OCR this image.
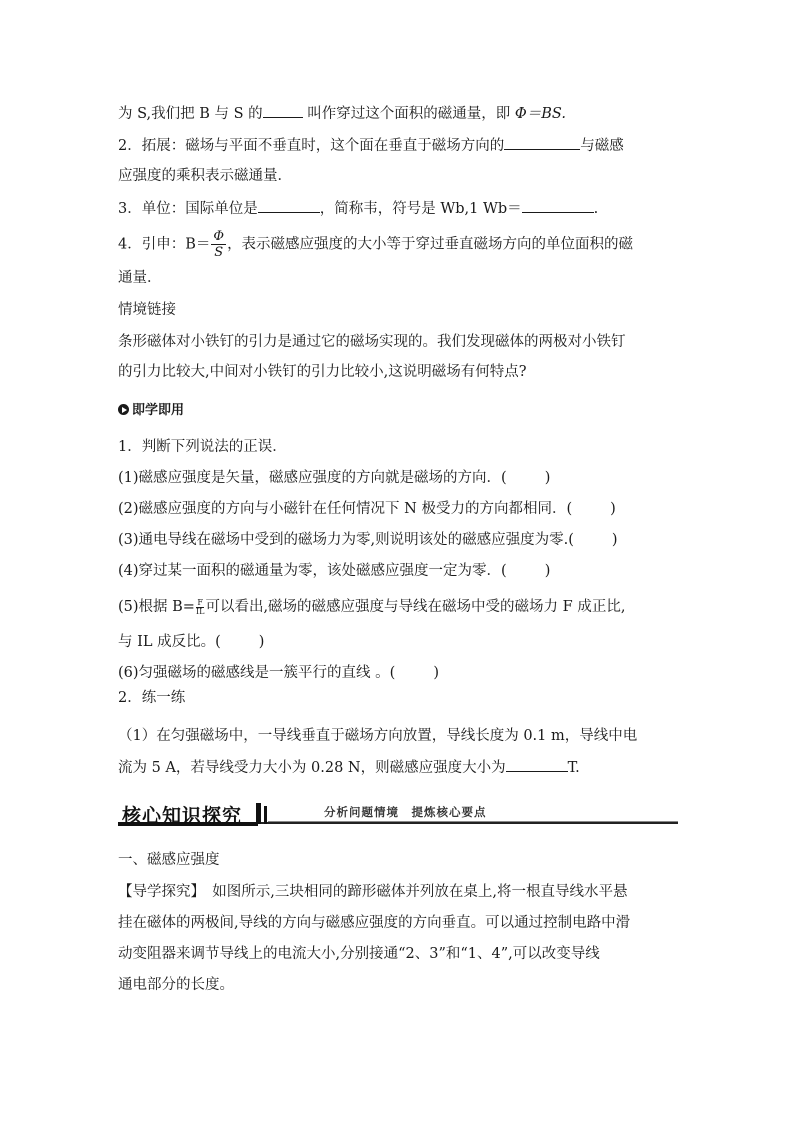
为 S,我们把 B 与 S 的	叫作穿过这个面积的磁通量，即 Φ＝BS.
2．拓展：磁场与平面不垂直时，这个面在垂直于磁场方向的	与磁感
应强度的乘积表示磁通量．
3．单位：国际单位是	，简称韦，符号是 Wb,1 Wb＝	.
4．引申：$B= \frac{\Phi}{S}$ ，表示磁感应强度的大小等于穿过垂直磁场方向的单位面积的磁
通量．
情境链接
条形磁体对小铁钉的引力是通过它的磁场实现的。我们发现磁体的两极对小铁钉
的引力比较大,中间对小铁钉的引力比较小,这说明磁场有何特点?
即学即用
1．判断下列说法的正误．
(1)磁感应强度是矢量，磁感应强度的方向就是磁场的方向．(	)
(2)磁感应强度的方向与小磁针在任何情况下 N 极受力的方向都相同．(	)
(3)通电导线在磁场中受到的磁场力为零,则说明该处的磁感应强度为零.(	)
(4)穿过某一面积的磁通量为零，该处磁感应强度一定为零．(	)
(5)根据 $B= \frac{F}{IL}$ 可以看出,磁场的磁感应强度与导线在磁场中受的磁场力 F 成正比,
与 IL 成反比。(	)
(6)匀强磁场的磁感线是一簇平行的直线 。(	)
2．练一练
（1）在匀强磁场中，一导线垂直于磁场方向放置，导线长度为 0.1 m，导线中电
流为 5 A，若导线受力大小为 0.28 N，则磁感应强度大小为	T.
核心知识探究	分析问题情境　提炼核心要点
一、磁感应强度
【导学探究】　如图所示,三块相同的蹄形磁体并列放在桌上,将一根直导线水平悬
挂在磁体的两极间,导线的方向与磁感应强度的方向垂直。可以通过控制电路中滑
动变阻器来调节导线上的电流大小,分别接通“2、3”和“1、4”,可以改变导线
通电部分的长度。
